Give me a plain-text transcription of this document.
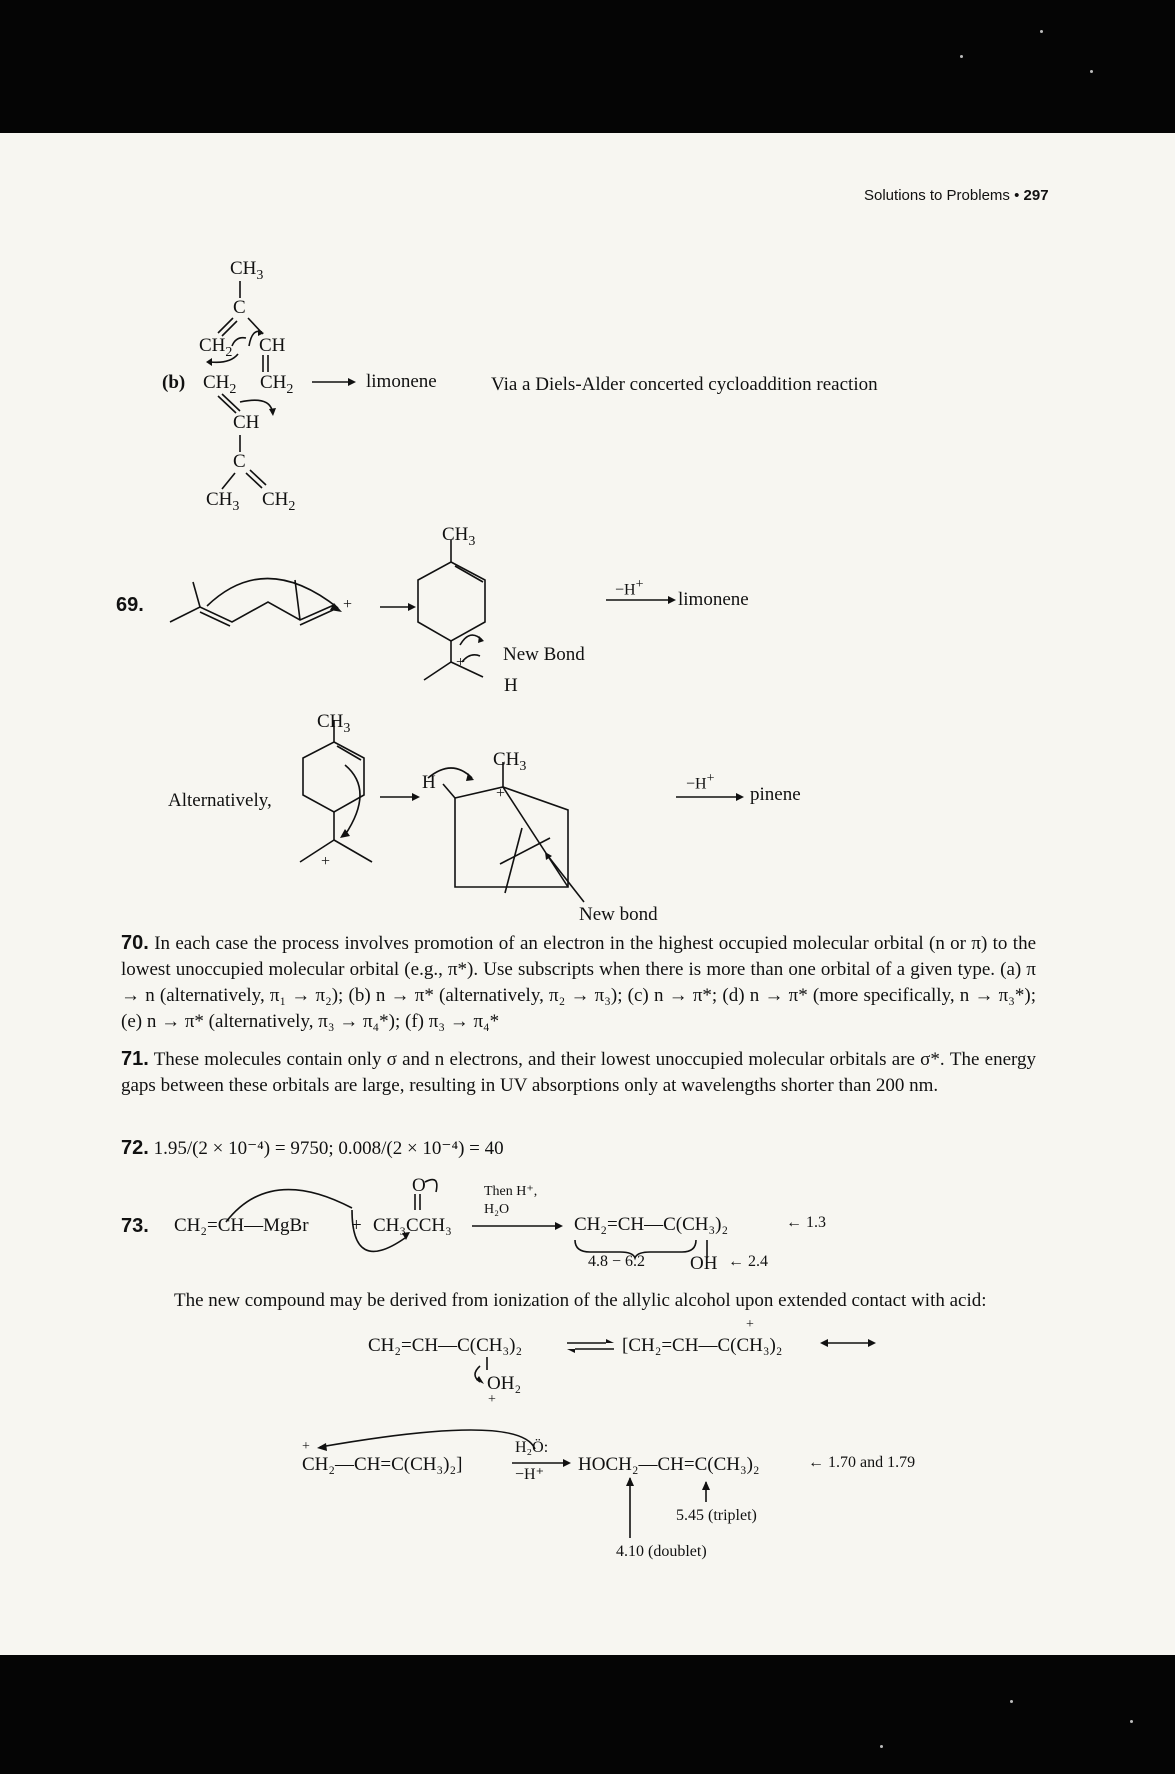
Solutions to Problems • 297
$CH_3$
C
$CH_2$ CH
(b) $CH_2$ $CH_2$
CH
C
$CH_3$ $CH_2$
limonene	Via a Diels-Alder concerted cycloaddition reaction
69.
$CH_3$
+
+ New Bond
H
−H+
limonene
Alternatively,
$CH_3$
+
$CH_3$
H
+
−H+
pinene
New bond
70. In each case the process involves promotion of an electron in the highest occupied molecular orbital (n or π) to the lowest unoccupied molecular orbital (e.g., π*). Use subscripts when there is more than one orbital of a given type. (a) π → n (alternatively, π₁ → π₂); (b) n → π* (alternatively, π₂ → π₃); (c) n → π*; (d) n → π* (more specifically, n → π₃*); (e) n → π* (alternatively, π₃ → π₄*); (f) π₃ → π₄*
71. These molecules contain only σ and n electrons, and their lowest unoccupied molecular orbitals are σ*. The energy gaps between these orbitals are large, resulting in UV absorptions only at wavelengths shorter than 200 nm.
72. 1.95/(2 × 10⁻⁴) = 9750; 0.008/(2 × 10⁻⁴) = 40
73. CH₂=CH—MgBr +
O
CH₃CCH₃
Then H⁺,
H₂O
CH₂=CH—C(CH₃)₂	← 1.3
4.8 − 6.2 OH ← 2.4
The new compound may be derived from ionization of the allylic alcohol upon extended contact with acid:
CH₂=CH—C(CH₃)₂
OH₂
+
[CH₂=CH—C(CH₃)₂
+
+
CH₂—CH=C(CH₃)₂]
H₂Ö:
−H⁺ HOCH₂—CH=C(CH₃)₂	← 1.70 and 1.79
5.45 (triplet)
4.10 (doublet)
